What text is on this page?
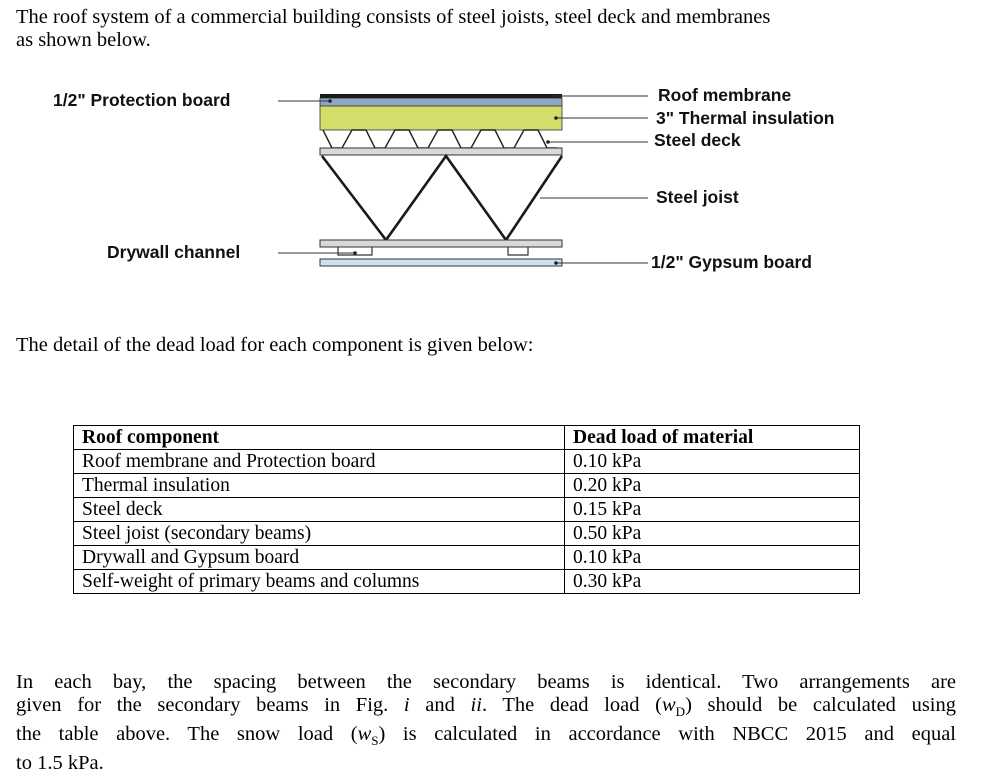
The roof system of a commercial building consists of steel joists, steel deck and membranes
as shown below.

1/2" Protection board
Drywall channel
Roof membrane
3" Thermal insulation
Steel deck
Steel joist
1/2" Gypsum board

The detail of the dead load for each component is given below:

Roof component	Dead load of material
Roof membrane and Protection board	0.10 kPa
Thermal insulation	0.20 kPa
Steel deck	0.15 kPa
Steel joist (secondary beams)	0.50 kPa
Drywall and Gypsum board	0.10 kPa
Self-weight of primary beams and columns	0.30 kPa
In each bay, the spacing between the secondary beams is identical. Two arrangements are
given for the secondary beams in Fig. i and ii. The dead load $(w_D)$ should be calculated using
the table above. The snow load $(w_S)$ is calculated in accordance with NBCC 2015 and equal
to 1.5 kPa.
